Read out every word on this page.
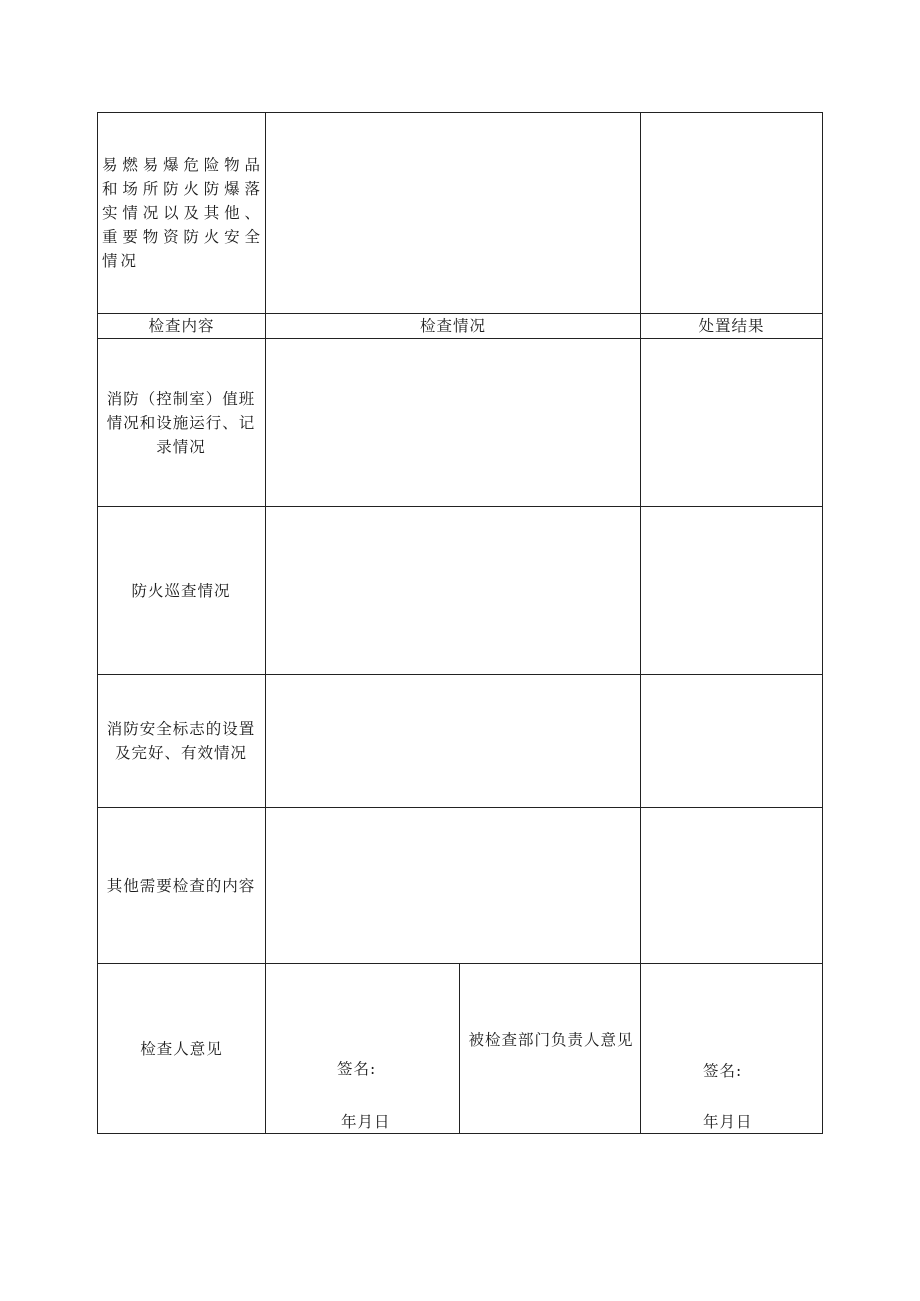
易燃易爆危险物品和场所防火防爆落实情况以及其他、重要物资防火安全情况
检查内容	检查情况	处置结果
消防（控制室）值班情况和设施运行、记录情况
防火巡查情况
消防安全标志的设置及完好、有效情况
其他需要检查的内容
检查人意见
签名:
年月日
被检查部门负责人意见
签名:
年月日
